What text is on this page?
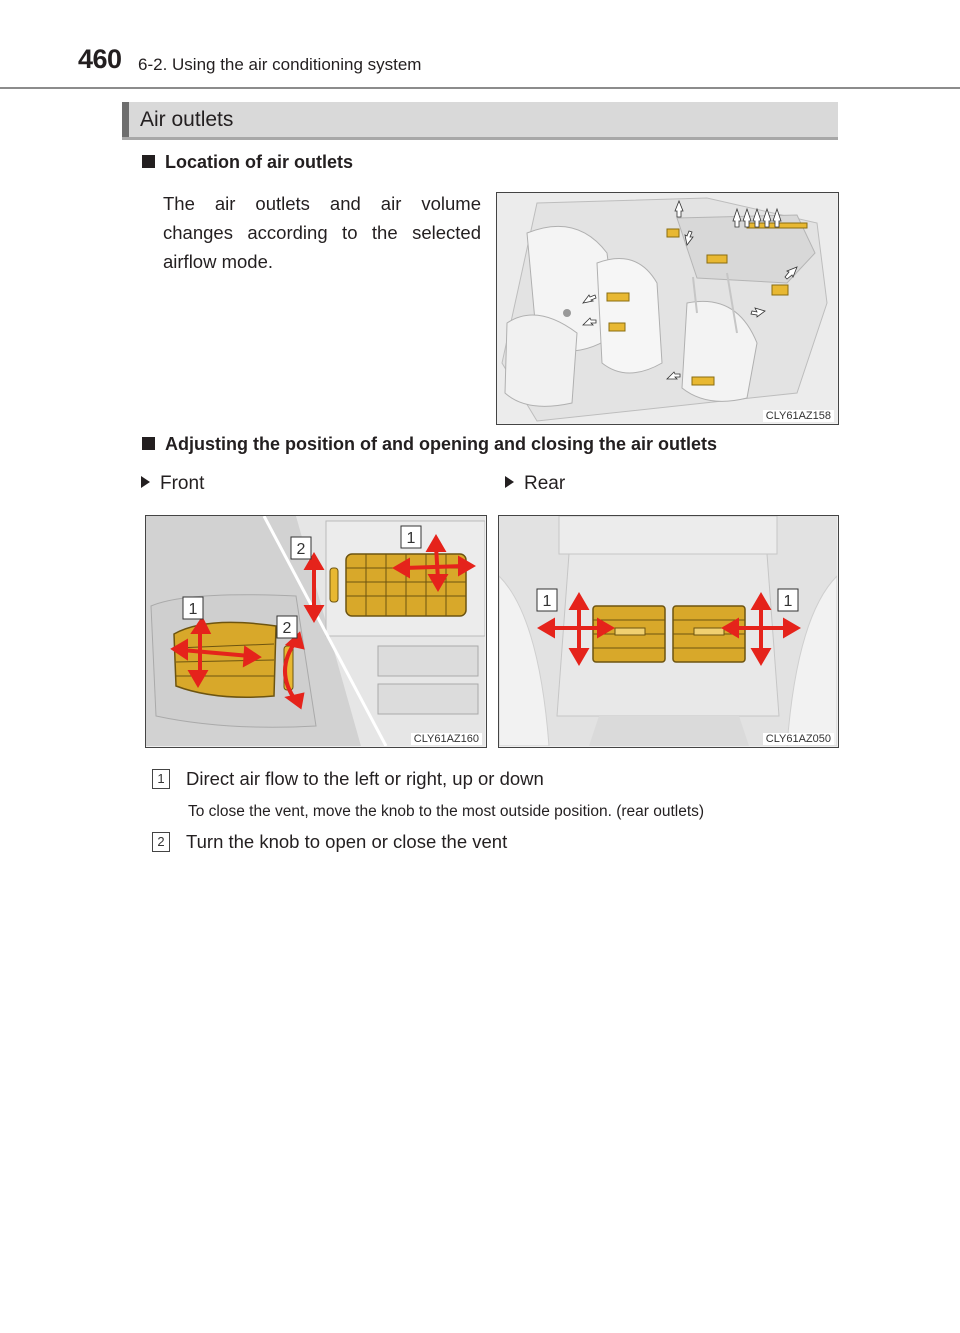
460 6-2. Using the air conditioning system
Air outlets
Location of air outlets
The air outlets and air volume changes according to the selected airflow mode.
CLY61AZ158
Adjusting the position of and opening and closing the air outlets
Front	Rear
2
1
1
2
CLY61AZ160
1	1
CLY61AZ050
1 Direct air flow to the left or right, up or down
To close the vent, move the knob to the most outside position. (rear outlets)
2 Turn the knob to open or close the vent
